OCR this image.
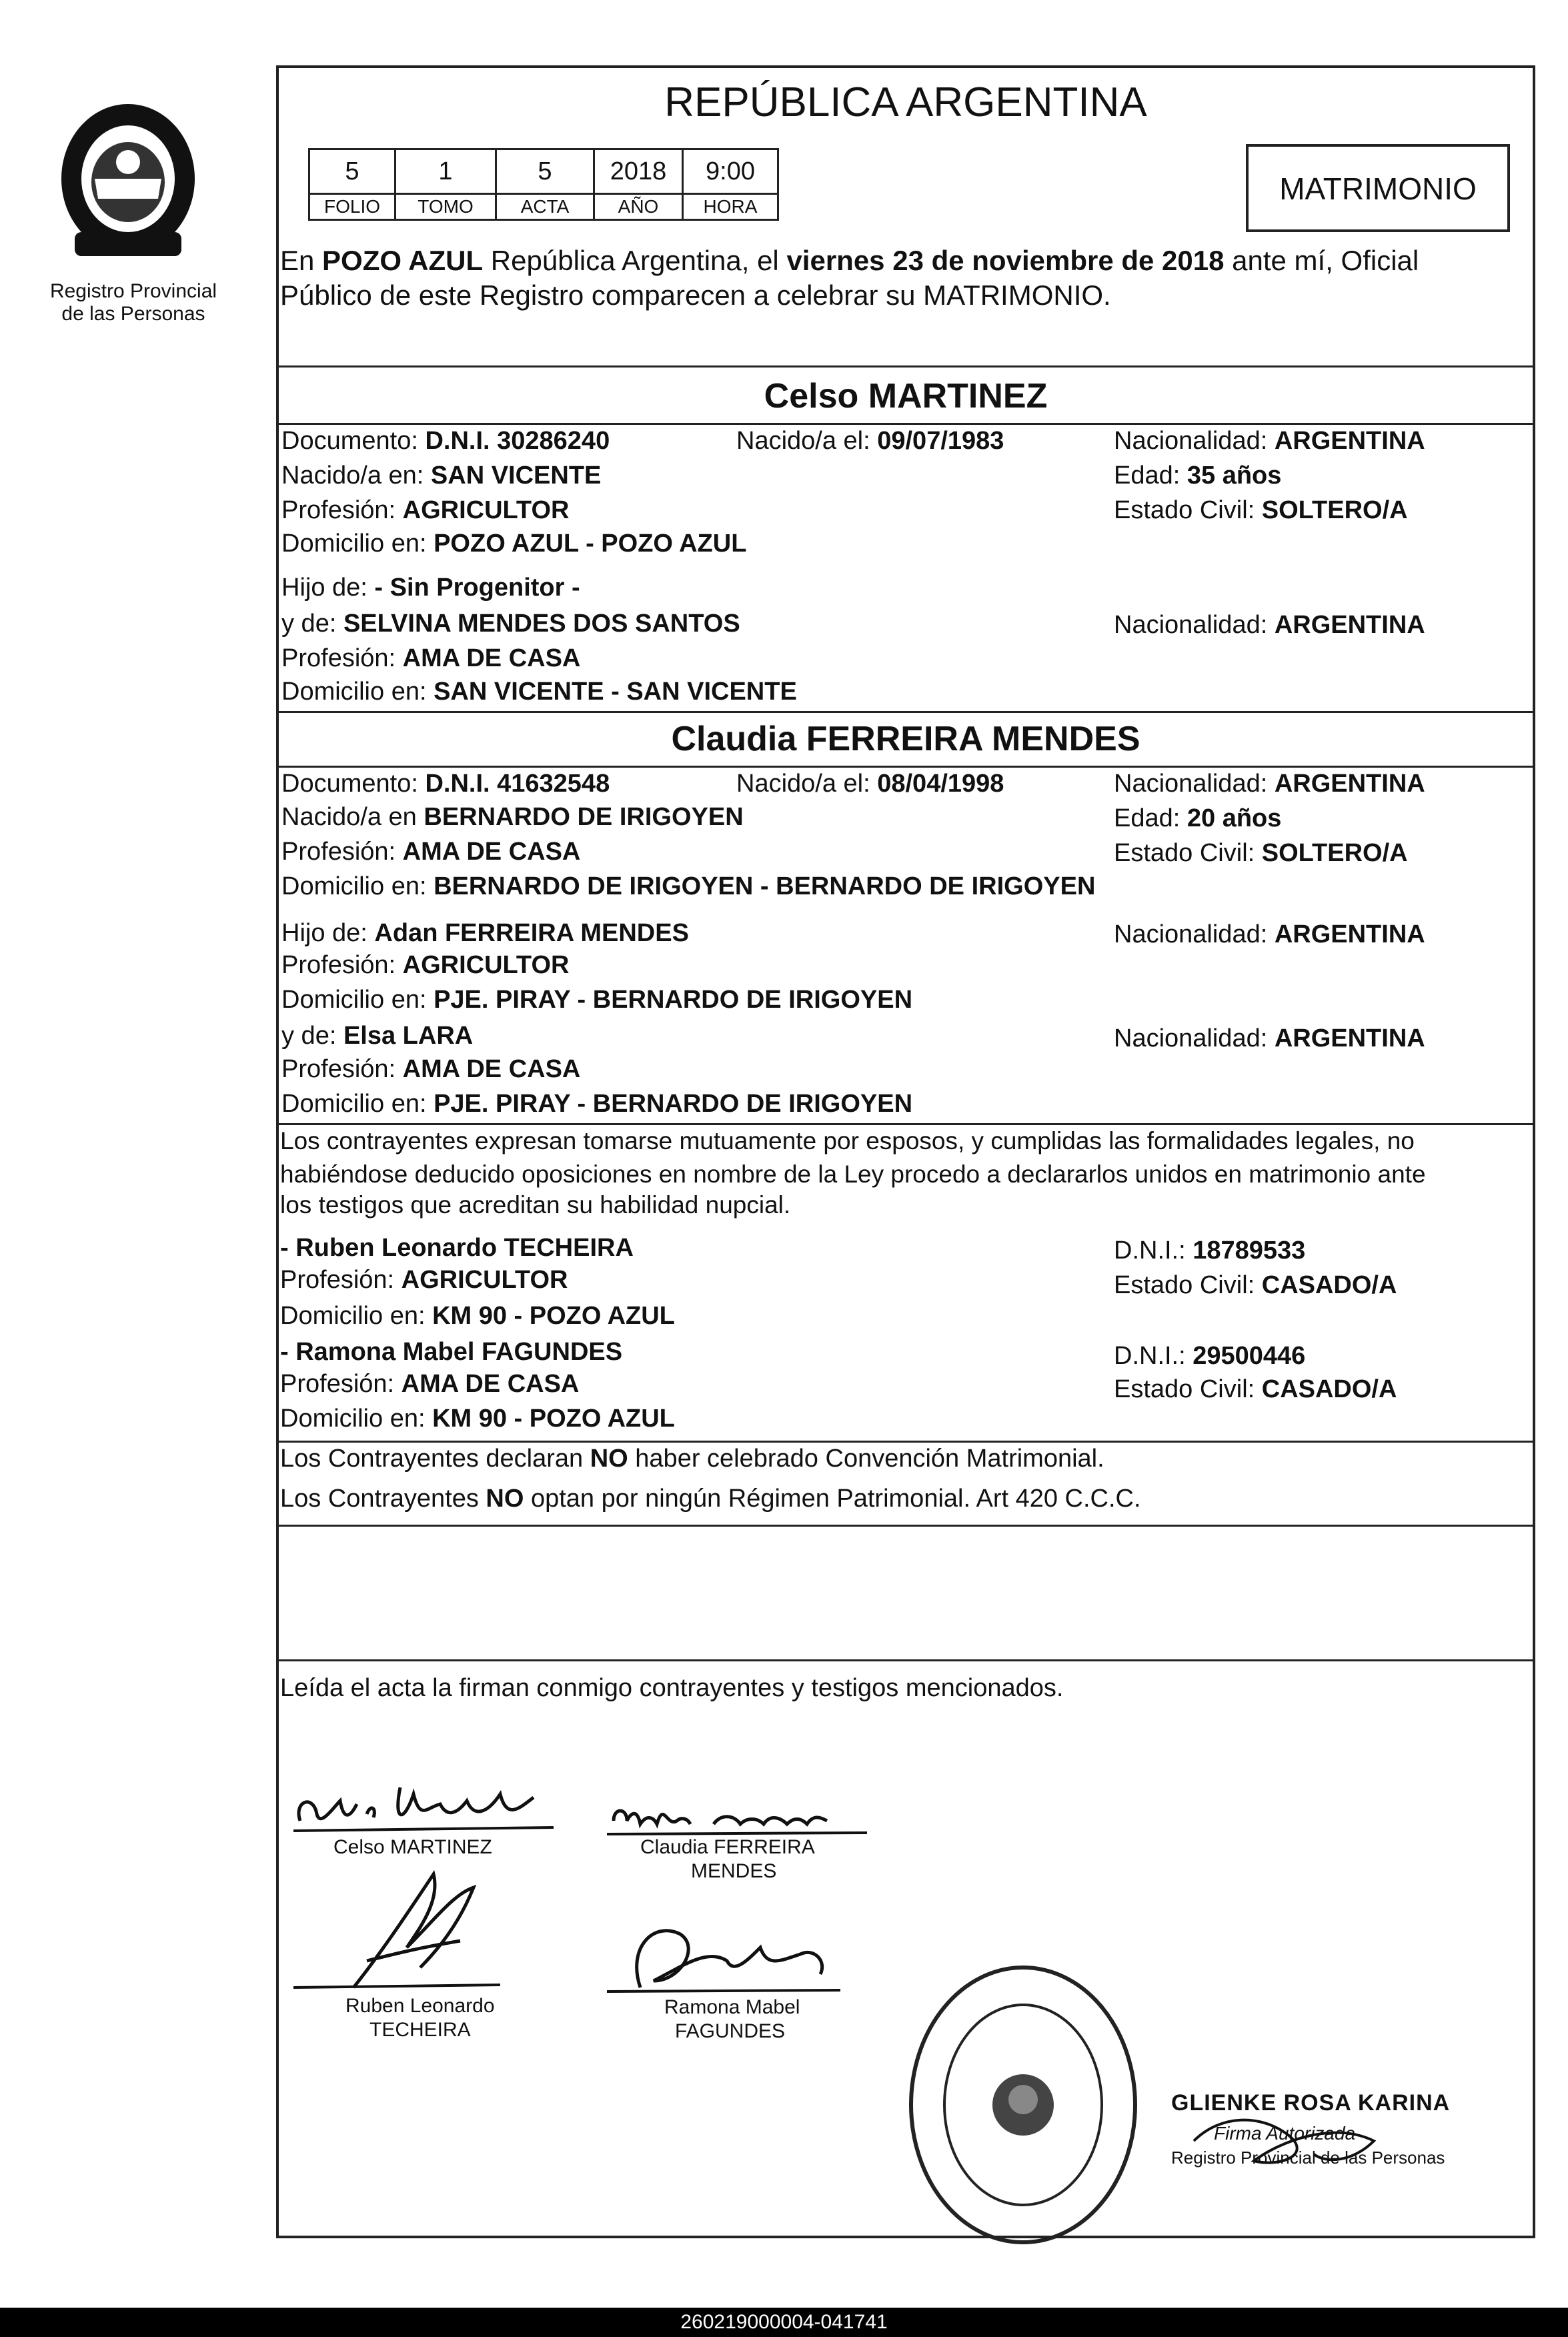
Registro Provincial
de las Personas
REPÚBLICA ARGENTINA
5	1	5	2018	9:00
FOLIO	TOMO	ACTA	AÑO	HORA
MATRIMONIO
En POZO AZUL República Argentina, el viernes 23 de noviembre de 2018 ante mí, Oficial
Público de este Registro comparecen a celebrar su MATRIMONIO.
Celso MARTINEZ
Documento: D.N.I. 30286240	Nacido/a el: 09/07/1983	Nacionalidad: ARGENTINA
Nacido/a en: SAN VICENTE	Edad: 35 años
Profesión: AGRICULTOR	Estado Civil: SOLTERO/A
Domicilio en: POZO AZUL - POZO AZUL
Hijo de: - Sin Progenitor -
y de: SELVINA MENDES DOS SANTOS	Nacionalidad: ARGENTINA
Profesión: AMA DE CASA
Domicilio en: SAN VICENTE - SAN VICENTE
Claudia FERREIRA MENDES
Documento: D.N.I. 41632548	Nacido/a el: 08/04/1998	Nacionalidad: ARGENTINA
Nacido/a en BERNARDO DE IRIGOYEN	Edad: 20 años
Profesión: AMA DE CASA	Estado Civil: SOLTERO/A
Domicilio en: BERNARDO DE IRIGOYEN - BERNARDO DE IRIGOYEN
Hijo de: Adan FERREIRA MENDES	Nacionalidad: ARGENTINA
Profesión: AGRICULTOR
Domicilio en: PJE. PIRAY - BERNARDO DE IRIGOYEN
y de: Elsa LARA	Nacionalidad: ARGENTINA
Profesión: AMA DE CASA
Domicilio en: PJE. PIRAY - BERNARDO DE IRIGOYEN
Los contrayentes expresan tomarse mutuamente por esposos, y cumplidas las formalidades legales, no
habiéndose deducido oposiciones en nombre de la Ley procedo a declararlos unidos en matrimonio ante
los testigos que acreditan su habilidad nupcial.
- Ruben Leonardo TECHEIRA	D.N.I.: 18789533
Profesión: AGRICULTOR	Estado Civil: CASADO/A
Domicilio en: KM 90 - POZO AZUL
- Ramona Mabel FAGUNDES	D.N.I.: 29500446
Profesión: AMA DE CASA	Estado Civil: CASADO/A
Domicilio en: KM 90 - POZO AZUL
Los Contrayentes declaran NO haber celebrado Convención Matrimonial.
Los Contrayentes NO optan por ningún Régimen Patrimonial. Art 420 C.C.C.
Leída el acta la firman conmigo contrayentes y testigos mencionados.
Celso MARTINEZ	Claudia FERREIRA
MENDES
Ruben Leonardo
TECHEIRA
Ramona Mabel
FAGUNDES
GLIENKE ROSA KARINA
Firma Autorizada
Registro Provincial de las Personas
260219000004-041741
